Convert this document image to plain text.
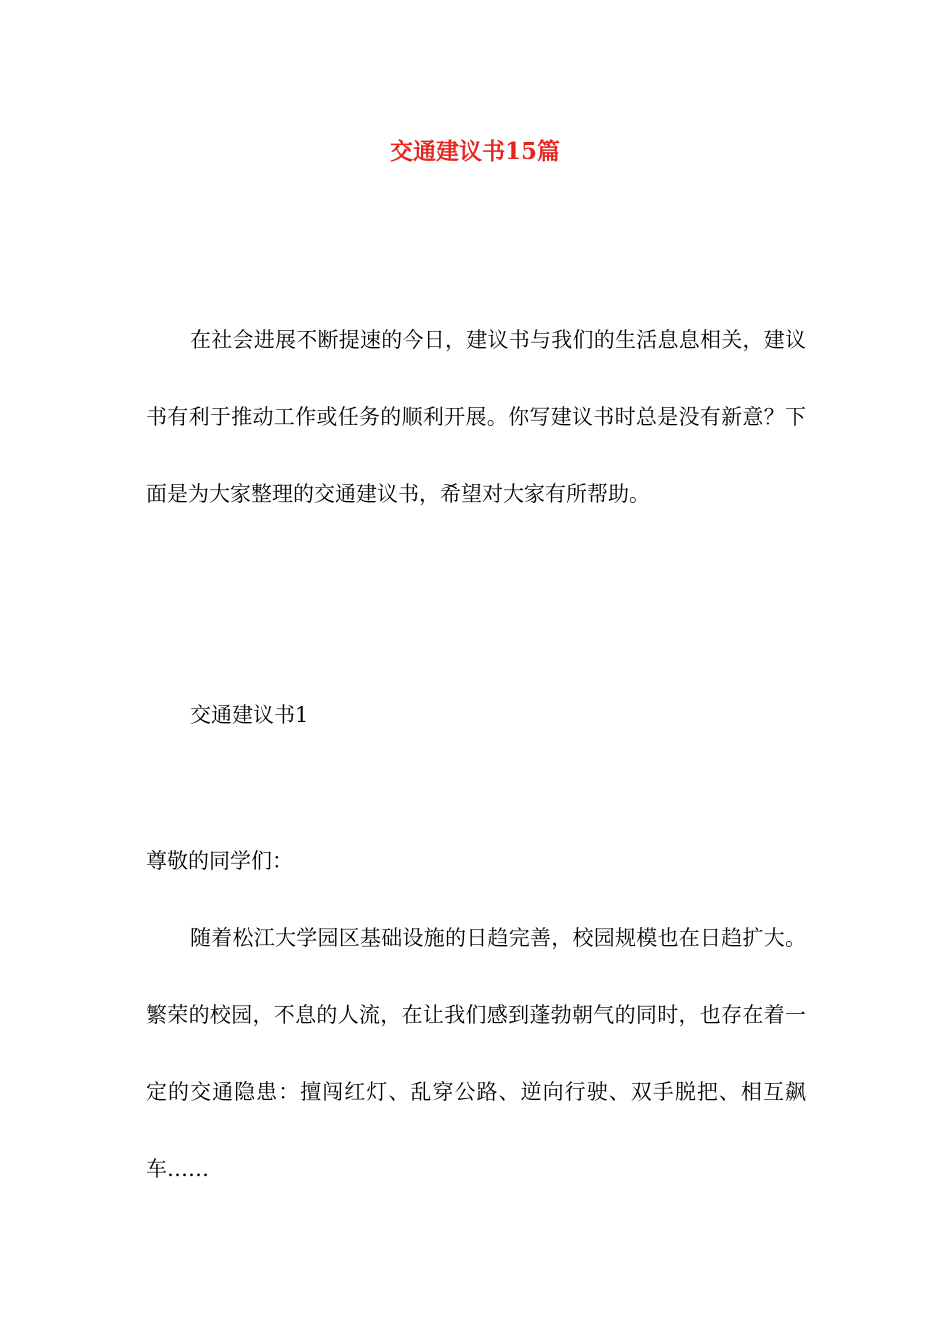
交通建议书15篇

在社会进展不断提速的今日，建议书与我们的生活息息相关，建议书有利于推动工作或任务的顺利开展。你写建议书时总是没有新意？下面是为大家整理的交通建议书，希望对大家有所帮助。

交通建议书1

尊敬的同学们：

随着松江大学园区基础设施的日趋完善，校园规模也在日趋扩大。繁荣的校园，不息的人流，在让我们感到蓬勃朝气的同时，也存在着一定的交通隐患：擅闯红灯、乱穿公路、逆向行驶、双手脱把、相互飙车……
